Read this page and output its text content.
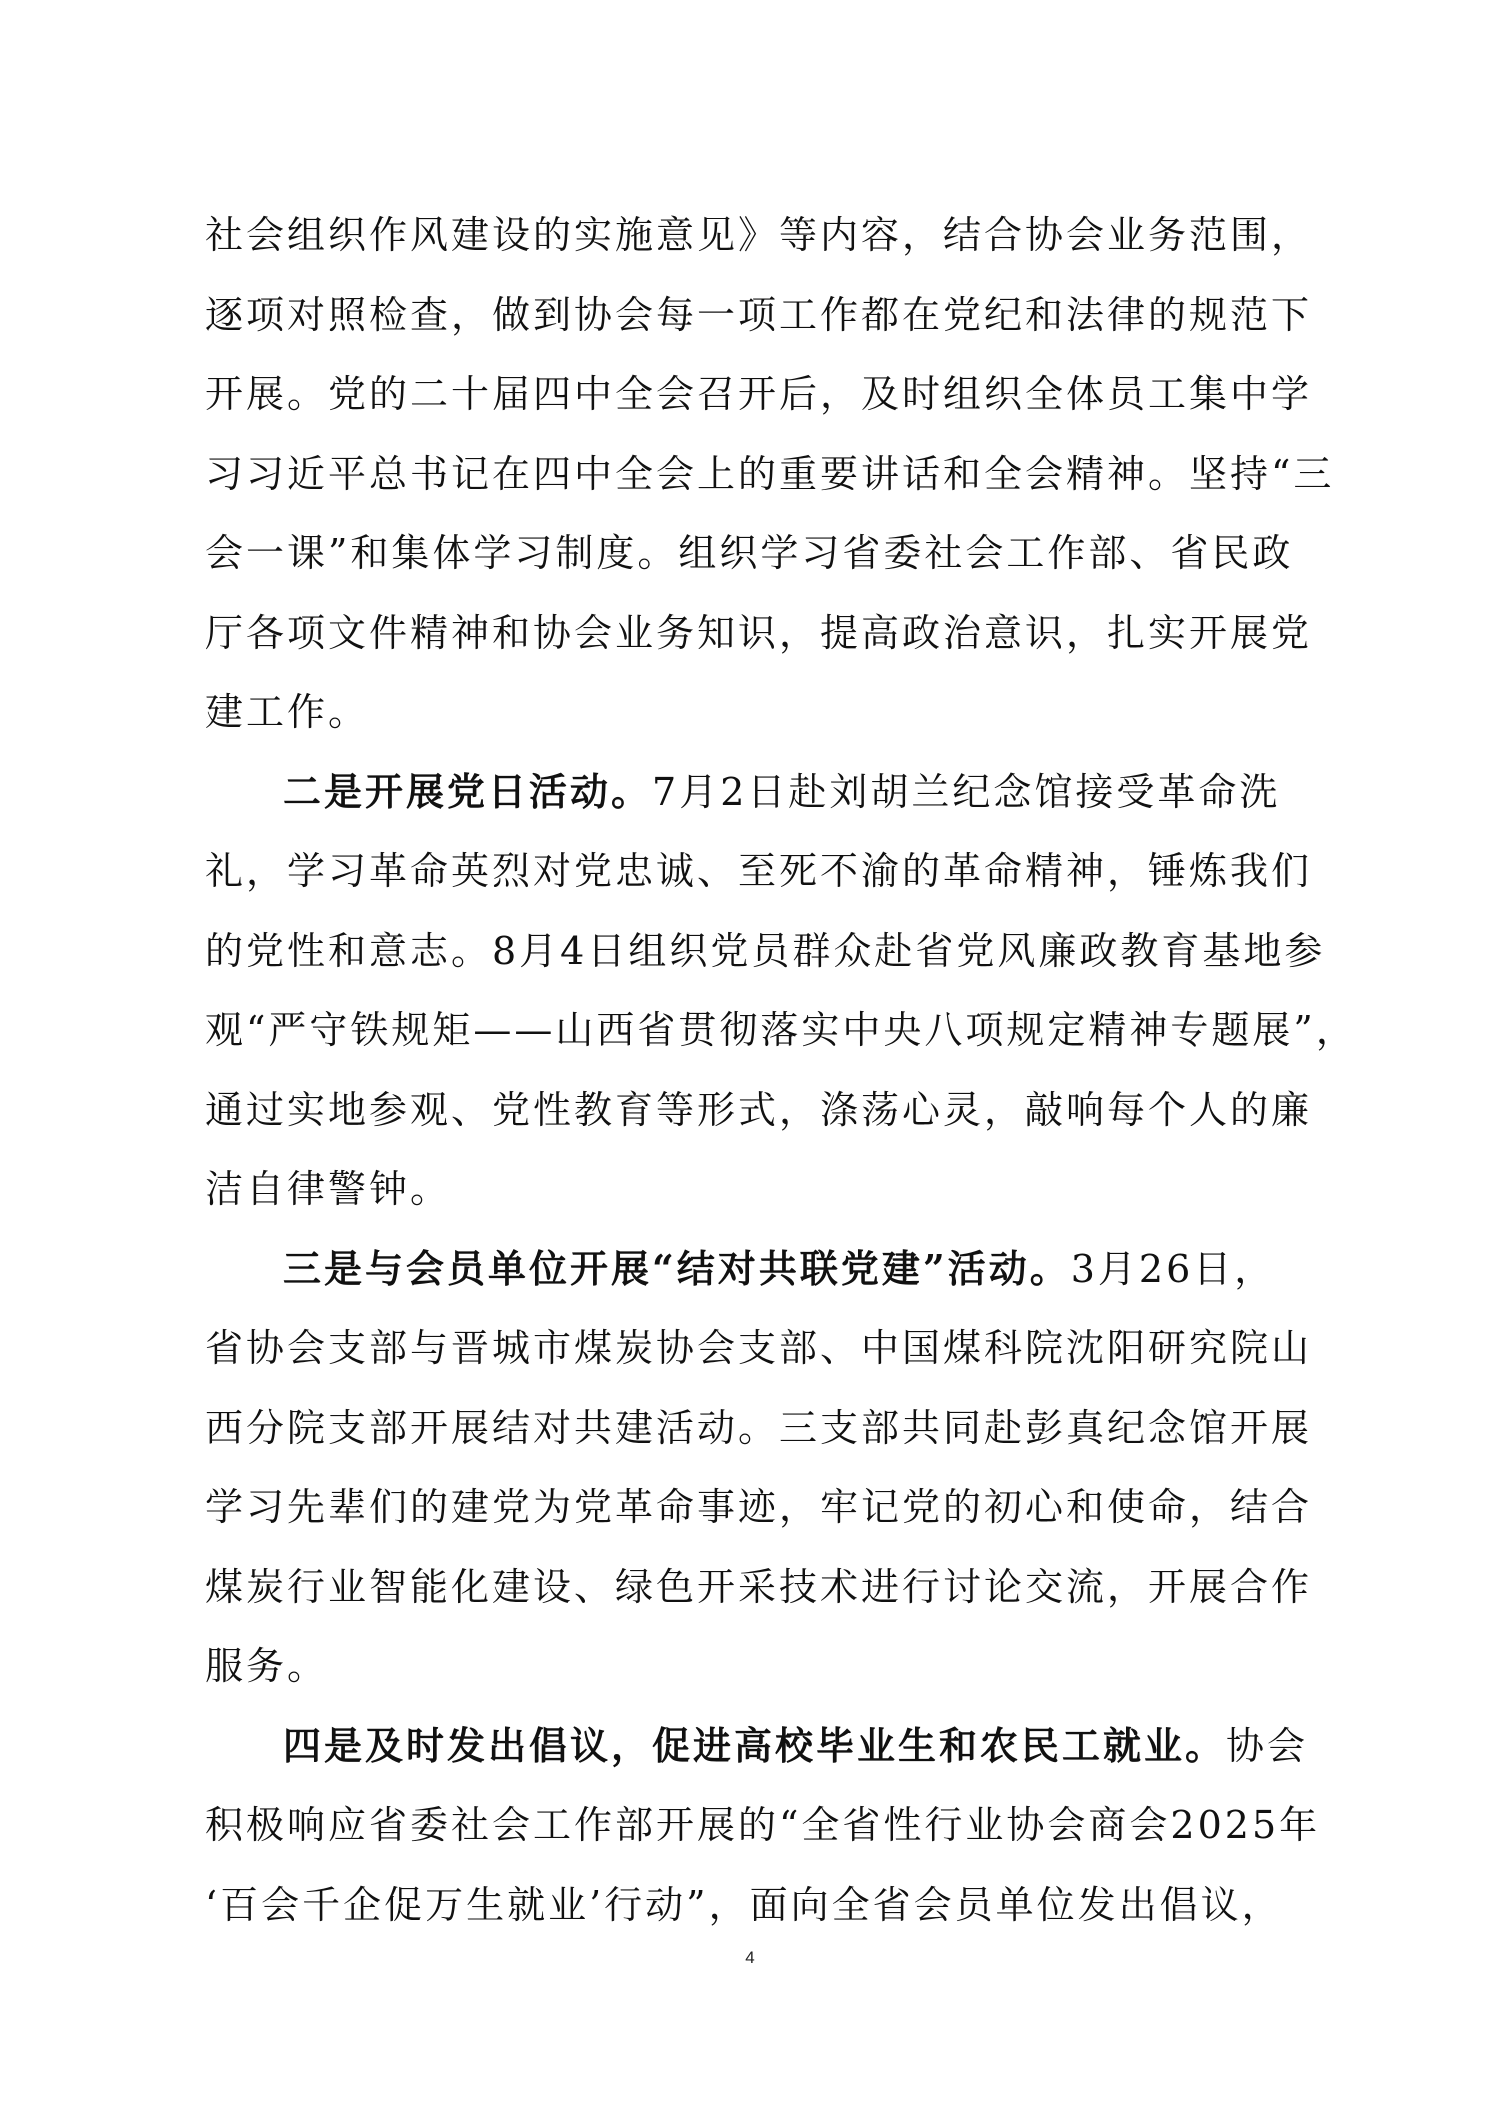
社会组织作风建设的实施意见》等内容，结合协会业务范围，
逐项对照检查，做到协会每一项工作都在党纪和法律的规范下
开展。党的二十届四中全会召开后，及时组织全体员工集中学
习习近平总书记在四中全会上的重要讲话和全会精神。坚持“三
会一课”和集体学习制度。组织学习省委社会工作部、省民政
厅各项文件精神和协会业务知识，提高政治意识，扎实开展党
建工作。
二是开展党日活动。7月2日赴刘胡兰纪念馆接受革命洗
礼，学习革命英烈对党忠诚、至死不渝的革命精神，锤炼我们
的党性和意志。8月4日组织党员群众赴省党风廉政教育基地参
观“严守铁规矩——山西省贯彻落实中央八项规定精神专题展”，
通过实地参观、党性教育等形式，涤荡心灵，敲响每个人的廉
洁自律警钟。
三是与会员单位开展“结对共联党建”活动。3月26日，
省协会支部与晋城市煤炭协会支部、中国煤科院沈阳研究院山
西分院支部开展结对共建活动。三支部共同赴彭真纪念馆开展
学习先辈们的建党为党革命事迹，牢记党的初心和使命，结合
煤炭行业智能化建设、绿色开采技术进行讨论交流，开展合作
服务。
四是及时发出倡议，促进高校毕业生和农民工就业。协会
积极响应省委社会工作部开展的“全省性行业协会商会2025年
‘百会千企促万生就业’行动”，面向全省会员单位发出倡议，
4
